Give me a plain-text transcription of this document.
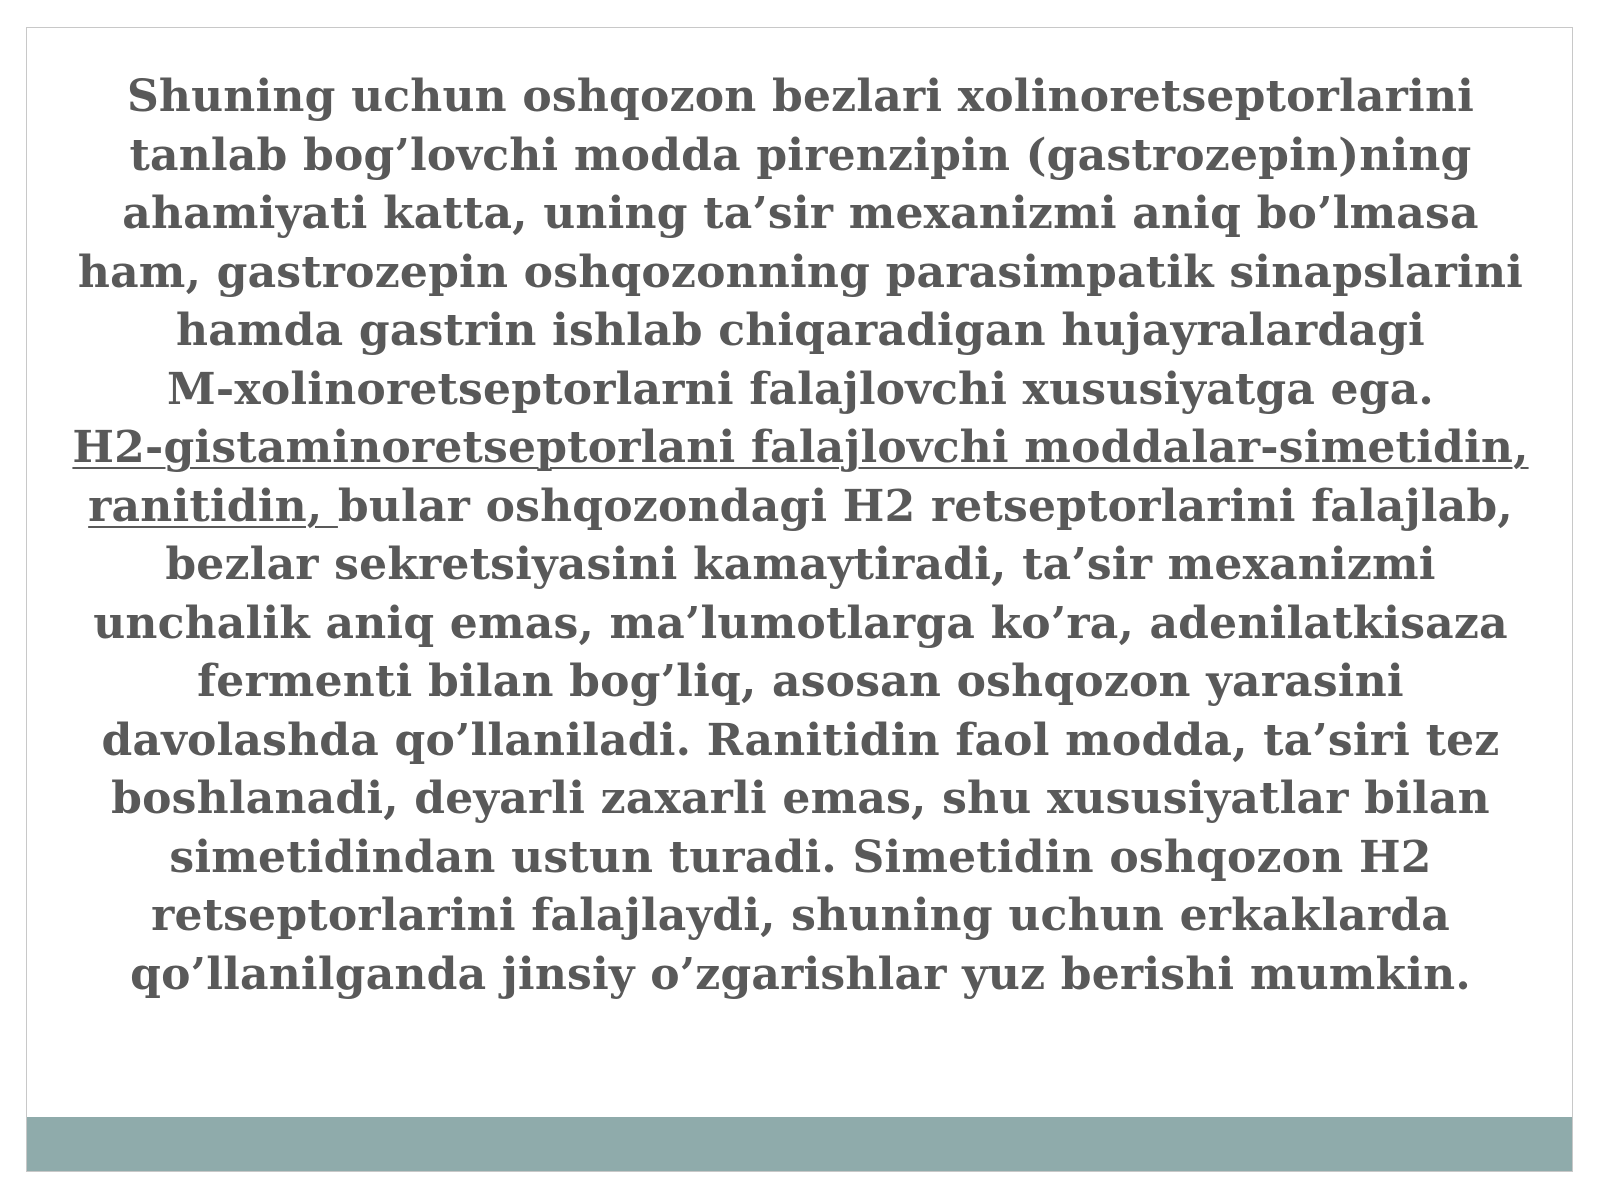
Shuning uchun oshqozon bezlari xolinoretseptorlarini
tanlab bog’lovchi modda pirenzipin (gastrozepin)ning
ahamiyati katta, uning ta’sir mexanizmi aniq bo’lmasa
ham, gastrozepin oshqozonning parasimpatik sinapslarini
hamda gastrin ishlab chiqaradigan hujayralardagi
M-xolinoretseptorlarni falajlovchi xususiyatga ega.
H2-gistaminoretseptorlani falajlovchi moddalar-simetidin,
ranitidin, bular oshqozondagi H2 retseptorlarini falajlab,
bezlar sekretsiyasini kamaytiradi, ta’sir mexanizmi
unchalik aniq emas, ma’lumotlarga ko’ra, adenilatkisaza
fermenti bilan bog’liq, asosan oshqozon yarasini
davolashda qo’llaniladi. Ranitidin faol modda, ta’siri tez
boshlanadi, deyarli zaxarli emas, shu xususiyatlar bilan
simetidindan ustun turadi. Simetidin oshqozon H2
retseptorlarini falajlaydi, shuning uchun erkaklarda
qo’llanilganda jinsiy o’zgarishlar yuz berishi mumkin.
